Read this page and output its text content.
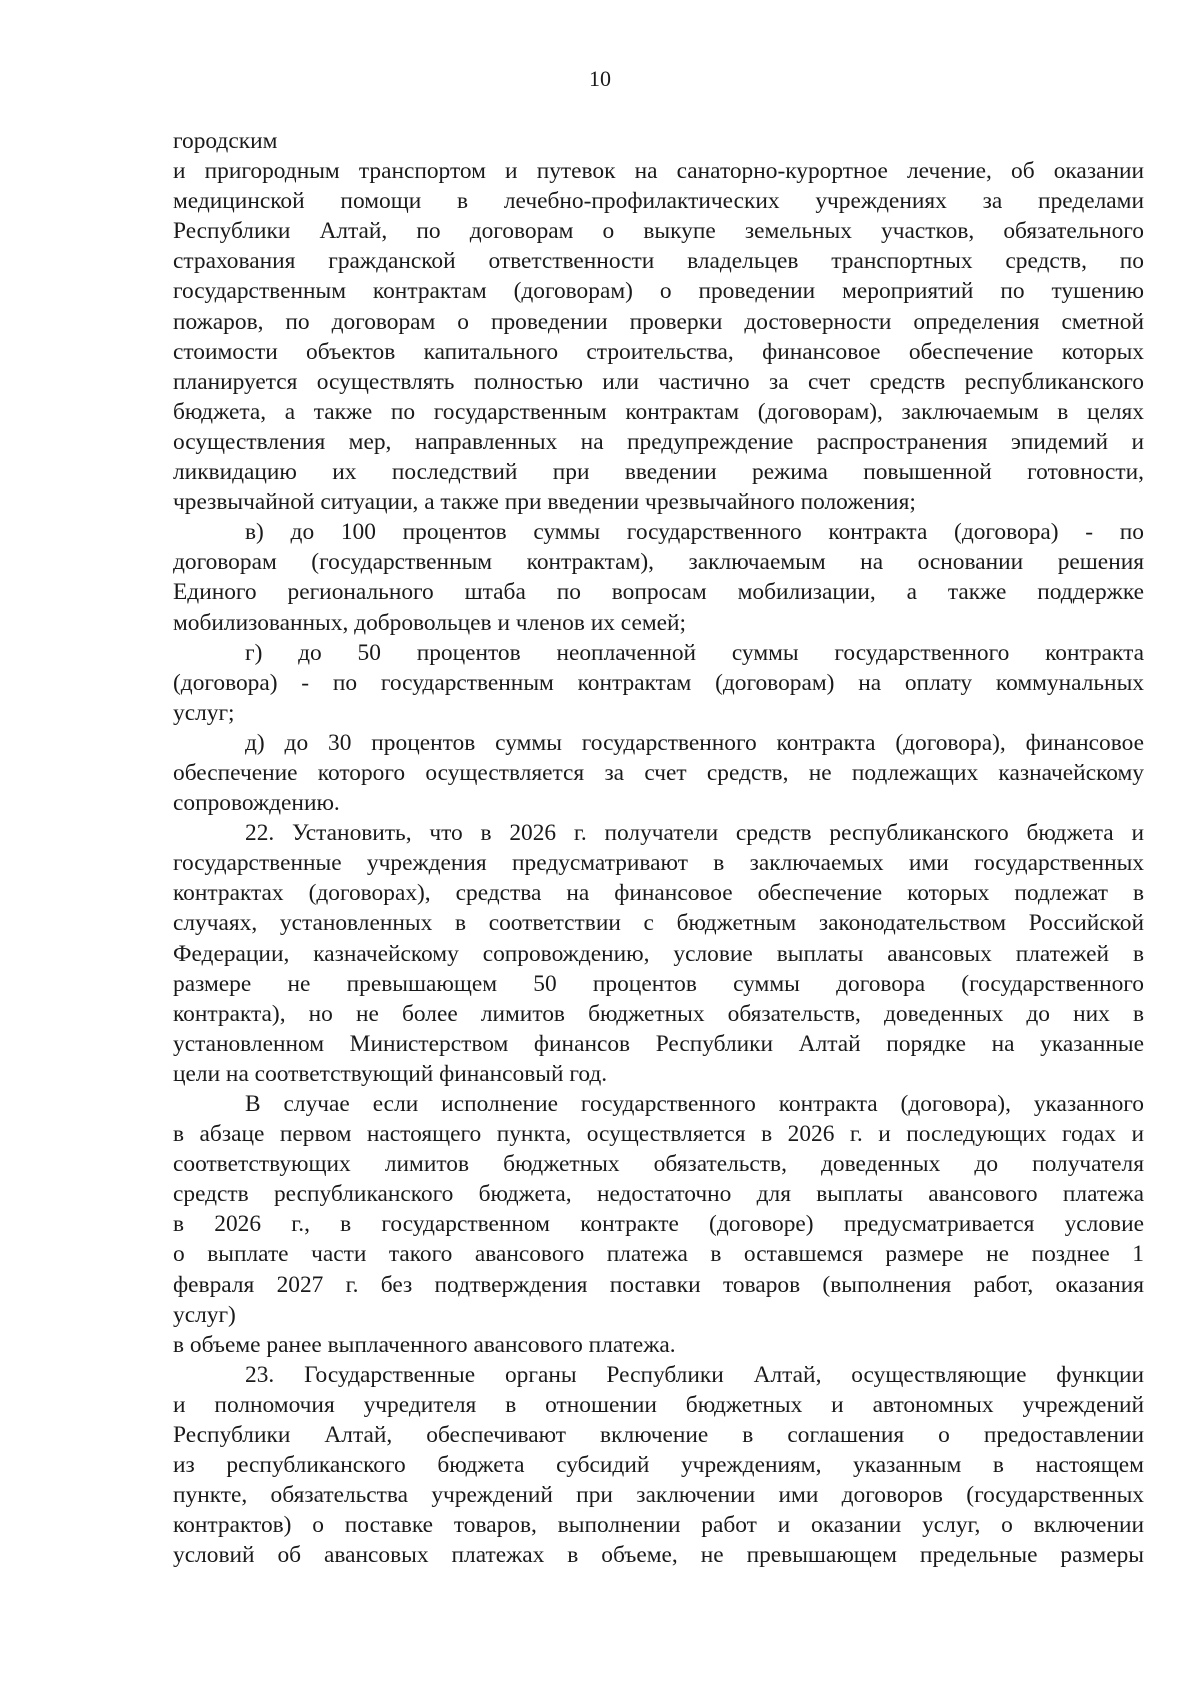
10
городским
и пригородным транспортом и путевок на санаторно-курортное лечение, об оказании
медицинской помощи в лечебно-профилактических учреждениях за пределами
Республики Алтай, по договорам о выкупе земельных участков, обязательного
страхования гражданской ответственности владельцев транспортных средств, по
государственным контрактам (договорам) о проведении мероприятий по тушению
пожаров, по договорам о проведении проверки достоверности определения сметной
стоимости объектов капитального строительства, финансовое обеспечение которых
планируется осуществлять полностью или частично за счет средств республиканского
бюджета, а также по государственным контрактам (договорам), заключаемым в целях
осуществления мер, направленных на предупреждение распространения эпидемий и
ликвидацию их последствий при введении режима повышенной готовности,
чрезвычайной ситуации, а также при введении чрезвычайного положения;
в) до 100 процентов суммы государственного контракта (договора) - по
договорам (государственным контрактам), заключаемым на основании решения
Единого регионального штаба по вопросам мобилизации, а также поддержке
мобилизованных, добровольцев и членов их семей;
г) до 50 процентов неоплаченной суммы государственного контракта
(договора) - по государственным контрактам (договорам) на оплату коммунальных
услуг;
д) до 30 процентов суммы государственного контракта (договора), финансовое
обеспечение которого осуществляется за счет средств, не подлежащих казначейскому
сопровождению.
22. Установить, что в 2026 г. получатели средств республиканского бюджета и
государственные учреждения предусматривают в заключаемых ими государственных
контрактах (договорах), средства на финансовое обеспечение которых подлежат в
случаях, установленных в соответствии с бюджетным законодательством Российской
Федерации, казначейскому сопровождению, условие выплаты авансовых платежей в
размере не превышающем 50 процентов суммы договора (государственного
контракта), но не более лимитов бюджетных обязательств, доведенных до них в
установленном Министерством финансов Республики Алтай порядке на указанные
цели на соответствующий финансовый год.
В случае если исполнение государственного контракта (договора), указанного
в абзаце первом настоящего пункта, осуществляется в 2026 г. и последующих годах и
соответствующих лимитов бюджетных обязательств, доведенных до получателя
средств республиканского бюджета, недостаточно для выплаты авансового платежа
в 2026 г., в государственном контракте (договоре) предусматривается условие
о выплате части такого авансового платежа в оставшемся размере не позднее 1
февраля 2027 г. без подтверждения поставки товаров (выполнения работ, оказания
услуг)
в объеме ранее выплаченного авансового платежа.
23. Государственные органы Республики Алтай, осуществляющие функции
и полномочия учредителя в отношении бюджетных и автономных учреждений
Республики Алтай, обеспечивают включение в соглашения о предоставлении
из республиканского бюджета субсидий учреждениям, указанным в настоящем
пункте, обязательства учреждений при заключении ими договоров (государственных
контрактов) о поставке товаров, выполнении работ и оказании услуг, о включении
условий об авансовых платежах в объеме, не превышающем предельные размеры
